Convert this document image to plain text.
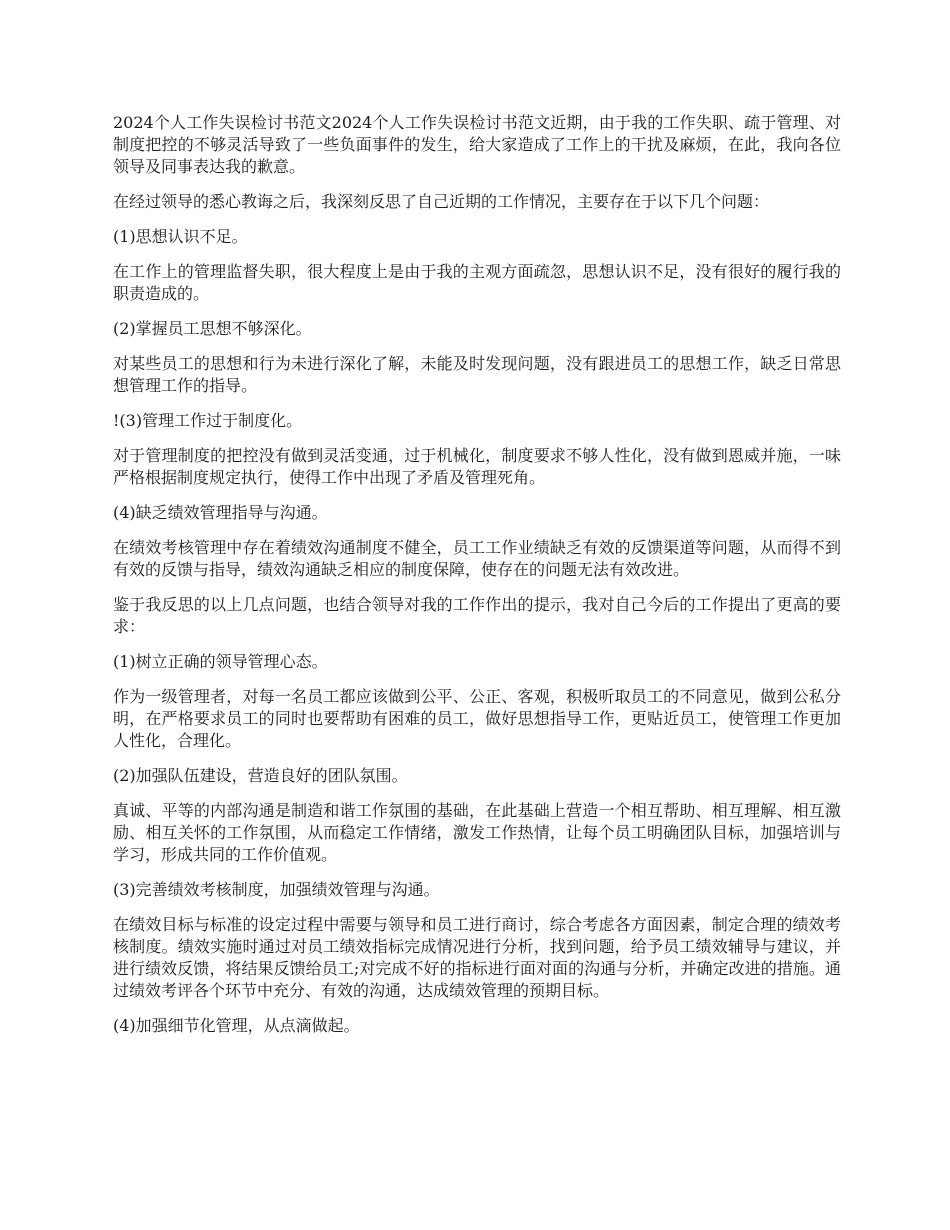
2024个人工作失误检讨书范文2024个人工作失误检讨书范文近期，由于我的工作失职、疏于管理、对制度把控的不够灵活导致了一些负面事件的发生，给大家造成了工作上的干扰及麻烦，在此，我向各位领导及同事表达我的歉意。

在经过领导的悉心教诲之后，我深刻反思了自己近期的工作情况，主要存在于以下几个问题：

(1)思想认识不足。

在工作上的管理监督失职，很大程度上是由于我的主观方面疏忽，思想认识不足，没有很好的履行我的职责造成的。

(2)掌握员工思想不够深化。

对某些员工的思想和行为未进行深化了解，未能及时发现问题，没有跟进员工的思想工作，缺乏日常思想管理工作的指导。

!(3)管理工作过于制度化。

对于管理制度的把控没有做到灵活变通，过于机械化，制度要求不够人性化，没有做到恩威并施，一味严格根据制度规定执行，使得工作中出现了矛盾及管理死角。

(4)缺乏绩效管理指导与沟通。

在绩效考核管理中存在着绩效沟通制度不健全，员工工作业绩缺乏有效的反馈渠道等问题，从而得不到有效的反馈与指导，绩效沟通缺乏相应的制度保障，使存在的问题无法有效改进。

鉴于我反思的以上几点问题，也结合领导对我的工作作出的提示，我对自己今后的工作提出了更高的要求：

(1)树立正确的领导管理心态。

作为一级管理者，对每一名员工都应该做到公平、公正、客观，积极听取员工的不同意见，做到公私分明，在严格要求员工的同时也要帮助有困难的员工，做好思想指导工作，更贴近员工，使管理工作更加人性化，合理化。

(2)加强队伍建设，营造良好的团队氛围。

真诚、平等的内部沟通是制造和谐工作氛围的基础，在此基础上营造一个相互帮助、相互理解、相互激励、相互关怀的工作氛围，从而稳定工作情绪，激发工作热情，让每个员工明确团队目标，加强培训与学习，形成共同的工作价值观。

(3)完善绩效考核制度，加强绩效管理与沟通。

在绩效目标与标准的设定过程中需要与领导和员工进行商讨，综合考虑各方面因素，制定合理的绩效考核制度。绩效实施时通过对员工绩效指标完成情况进行分析，找到问题，给予员工绩效辅导与建议，并进行绩效反馈，将结果反馈给员工;对完成不好的指标进行面对面的沟通与分析，并确定改进的措施。通过绩效考评各个环节中充分、有效的沟通，达成绩效管理的预期目标。

(4)加强细节化管理，从点滴做起。
